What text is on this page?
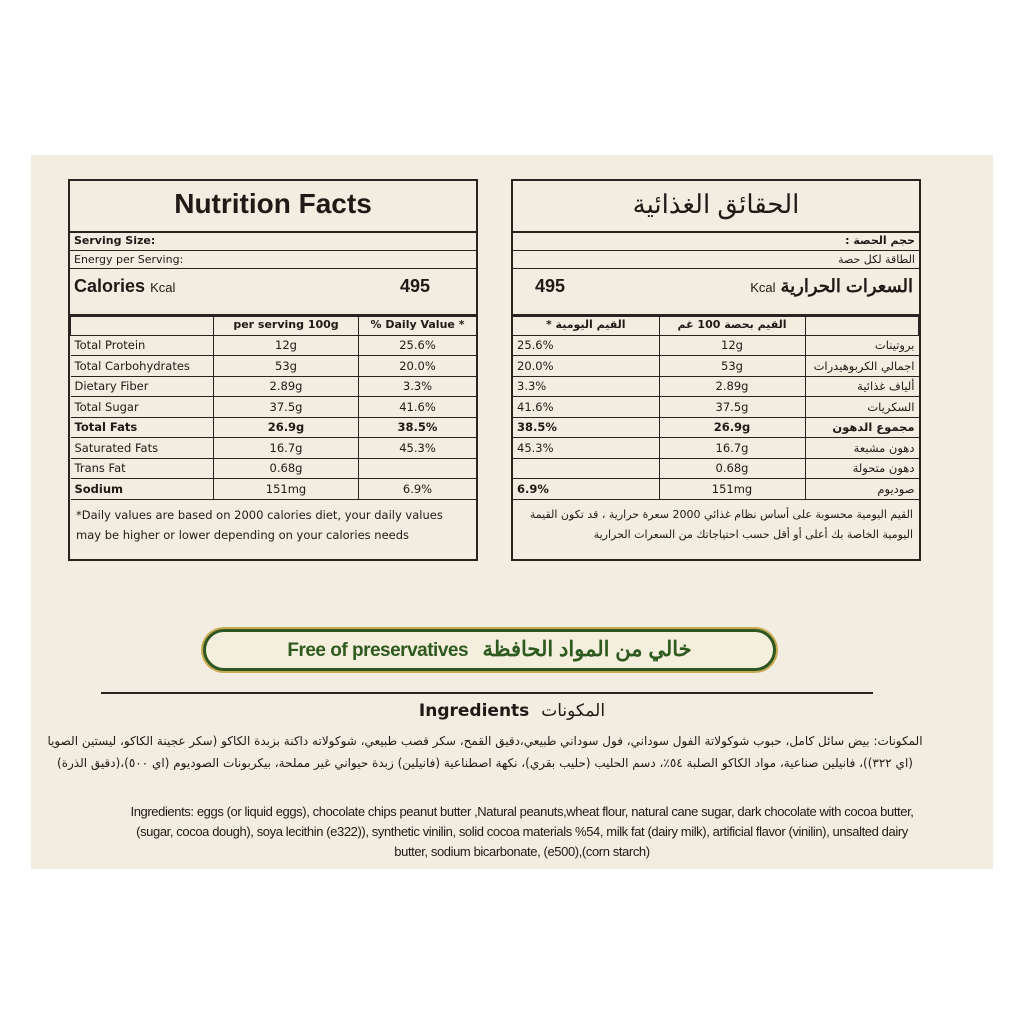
Nutrition Facts
Serving Size:
Energy per Serving:
Calories Kcal	495
	per serving 100g	% Daily Value *
Total Protein	12g	25.6%
Total Carbohydrates	53g	20.0%
Dietary Fiber	2.89g	3.3%
Total Sugar	37.5g	41.6%
Total Fats	26.9g	38.5%
Saturated Fats	16.7g	45.3%
Trans Fat	0.68g	
Sodium	151mg	6.9%
*Daily values are based on 2000 calories diet, your daily values may be higher or lower depending on your calories needs
الحقائق الغذائية
حجم الحصة :
الطاقة لكل حصة
495	Kcal السعرات الحرارية
* القيم اليومية	القيم بحصة 100 غم	
25.6%	12g	بروتينات
20.0%	53g	اجمالي الكربوهيدرات
3.3%	2.89g	ألياف غذائية
41.6%	37.5g	السكريات
38.5%	26.9g	مجموع الدهون
45.3%	16.7g	دهون مشبعة
	0.68g	دهون متحولة
6.9%	151mg	صوديوم
القيم اليومية محسوبة على أساس نظام غذائي 2000 سعرة حرارية ، قد تكون القيمة اليومية الخاصة بك أعلى أو أقل حسب احتياجاتك من السعرات الحرارية
Free of preservatives خالي من المواد الحافظة
Ingredients المكونات
المكونات: بيض سائل كامل، حبوب شوكولاتة الفول سوداني، فول سوداني طبيعي،دقيق القمح، سكر قصب طبيعي، شوكولاته داكنة بزبدة الكاكو (سكر عجينة الكاكو، ليستين الصويا (اي ٣٢٢))، فانيلين صناعية، مواد الكاكو الصلبة ٥٤٪، دسم الحليب (حليب بقري)، نكهة اصطناعية (فانيلين) زبدة حيواني غير مملحة، بيكربونات الصوديوم (اي ٥٠٠)،(دقيق الذرة)
Ingredients: eggs (or liquid eggs), chocolate chips peanut butter ,Natural peanuts,wheat flour, natural cane sugar, dark chocolate with cocoa butter,(sugar, cocoa dough), soya lecithin (e322)), synthetic vinilin, solid cocoa materials %54, milk fat (dairy milk), artificial flavor (vinilin), unsalted dairy butter, sodium bicarbonate, (e500),(corn starch)
